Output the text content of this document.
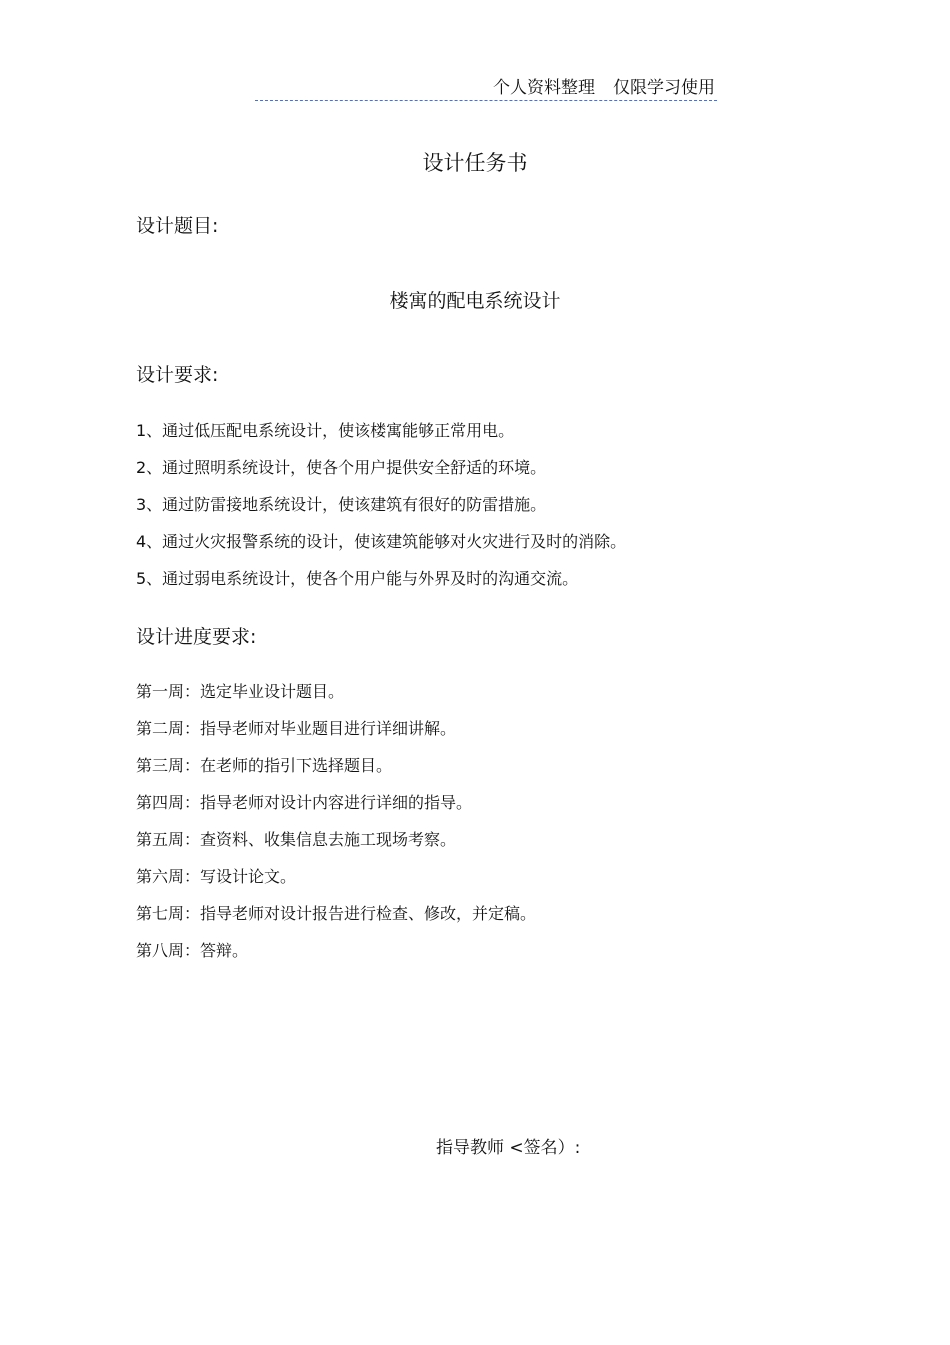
个人资料整理 仅限学习使用
设计任务书
设计题目:
楼寓的配电系统设计
设计要求:
1、通过低压配电系统设计，使该楼寓能够正常用电。
2、通过照明系统设计，使各个用户提供安全舒适的环境。
3、通过防雷接地系统设计，使该建筑有很好的防雷措施。
4、通过火灾报警系统的设计，使该建筑能够对火灾进行及时的消除。
5、通过弱电系统设计，使各个用户能与外界及时的沟通交流。
设计进度要求:
第一周：选定毕业设计题目。
第二周：指导老师对毕业题目进行详细讲解。
第三周：在老师的指引下选择题目。
第四周：指导老师对设计内容进行详细的指导。
第五周：查资料、收集信息去施工现场考察。
第六周：写设计论文。
第七周：指导老师对设计报告进行检查、修改，并定稿。
第八周：答辩。
指导教师 <签名）:
